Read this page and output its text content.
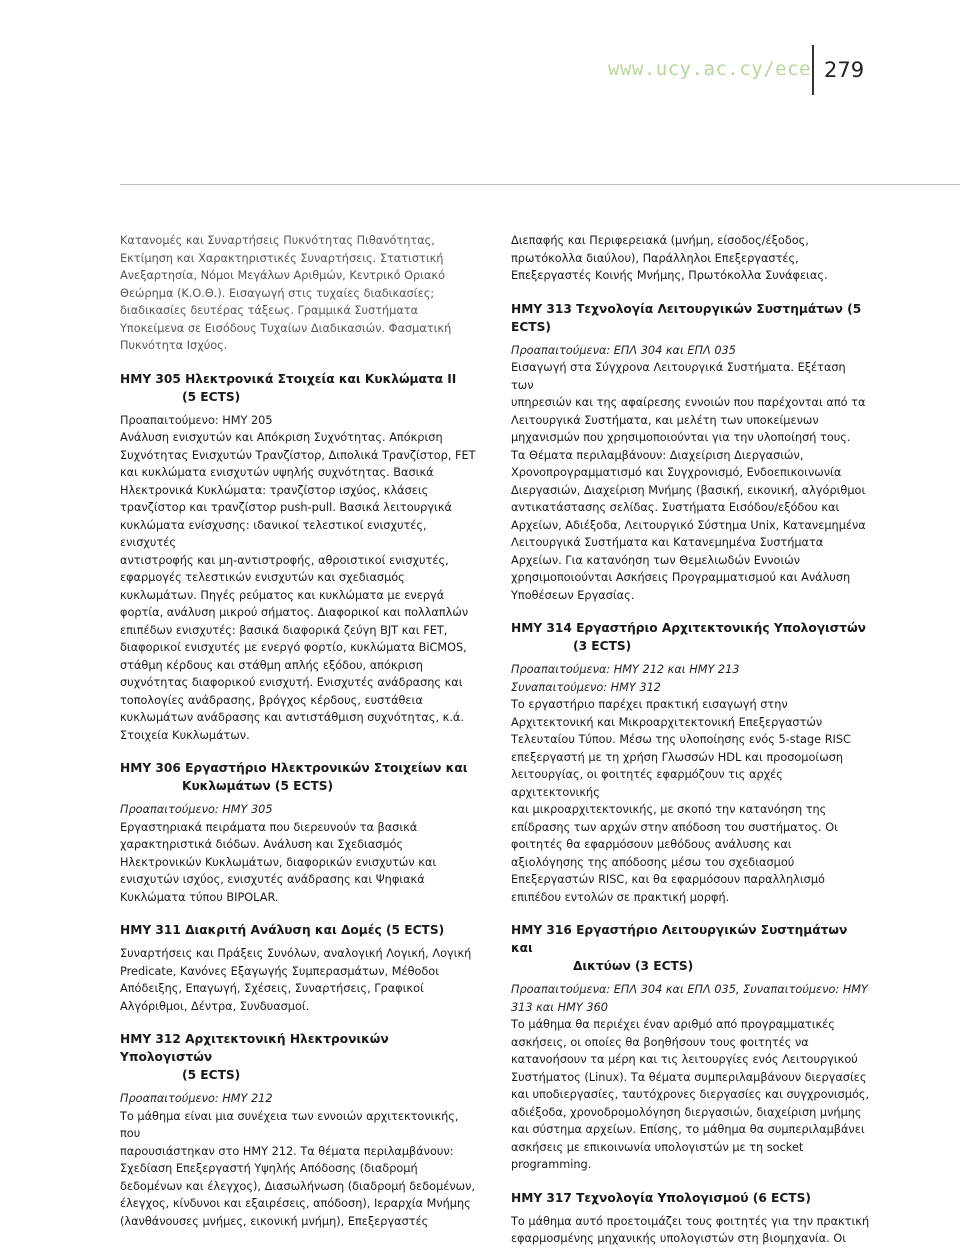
www.ucy.ac.cy/ece 279

Κατανομές και Συναρτήσεις Πυκνότητας Πιθανότητας,
Εκτίμηση και Χαρακτηριστικές Συναρτήσεις. Στατιστική
Ανεξαρτησία, Νόμοι Μεγάλων Αριθμών, Κεντρικό Οριακό
Θεώρημα (Κ.Ο.Θ.). Εισαγωγή στις τυχαίες διαδικασίες;
διαδικασίες δευτέρας τάξεως. Γραμμικά Συστήματα
Υποκείμενα σε Εισόδους Τυχαίων Διαδικασιών. Φασματική
Πυκνότητα Ισχύος.

ΗΜΥ 305 Ηλεκτρονικά Στοιχεία και Κυκλώματα ΙΙ
(5 ECTS)

Προαπαιτούμενο: ΗΜΥ 205

Ανάλυση ενισχυτών και Απόκριση Συχνότητας. Απόκριση
Συχνότητας Ενισχυτών Τρανζίστορ, Διπολικά Τρανζίστορ, FET
και κυκλώματα ενισχυτών υψηλής συχνότητας. Βασικά
Ηλεκτρονικά Κυκλώματα: τρανζίστορ ισχύος, κλάσεις
τρανζίστορ και τρανζίστορ push-pull. Βασικά λειτουργικά
κυκλώματα ενίσχυσης: ιδανικοί τελεστικοί ενισχυτές, ενισχυτές
αντιστροφής και μη-αντιστροφής, αθροιστικοί ενισχυτές,
εφαρμογές τελεστικών ενισχυτών και σχεδιασμός
κυκλωμάτων. Πηγές ρεύματος και κυκλώματα με ενεργά
φορτία, ανάλυση μικρού σήματος. Διαφορικοί και πολλαπλών
επιπέδων ενισχυτές: βασικά διαφορικά ζεύγη BJT και FET,
διαφορικοί ενισχυτές με ενεργό φορτίο, κυκλώματα BiCMOS,
στάθμη κέρδους και στάθμη απλής εξόδου, απόκριση
συχνότητας διαφορικού ενισχυτή. Ενισχυτές ανάδρασης και
τοπολογίες ανάδρασης, βρόγχος κέρδους, ευστάθεια
κυκλωμάτων ανάδρασης και αντιστάθμιση συχνότητας, κ.ά.
Στοιχεία Κυκλωμάτων.

ΗΜΥ 306 Εργαστήριο Ηλεκτρονικών Στοιχείων και
Κυκλωμάτων (5 ECTS)

Προαπαιτούμενο: ΗΜΥ 305

Εργαστηριακά πειράματα που διερευνούν τα βασικά
χαρακτηριστικά διόδων. Ανάλυση και Σχεδιασμός
Ηλεκτρονικών Κυκλωμάτων, διαφορικών ενισχυτών και
ενισχυτών ισχύος, ενισχυτές ανάδρασης και Ψηφιακά
Κυκλώματα τύπου BIPOLAR.

ΗΜΥ 311 Διακριτή Ανάλυση και Δομές (5 ECTS)

Συναρτήσεις και Πράξεις Συνόλων, αναλογική Λογική, Λογική
Predicate, Κανόνες Εξαγωγής Συμπερασμάτων, Μέθοδοι
Απόδειξης, Επαγωγή, Σχέσεις, Συναρτήσεις, Γραφικοί
Αλγόριθμοι, Δέντρα, Συνδυασμοί.

ΗΜΥ 312 Αρχιτεκτονική Ηλεκτρονικών Υπολογιστών
(5 ECTS)

Προαπαιτούμενο: ΗΜΥ 212

Το μάθημα είναι μια συνέχεια των εννοιών αρχιτεκτονικής, που
παρουσιάστηκαν στο ΗΜΥ 212. Τα θέματα περιλαμβάνουν:
Σχεδίαση Επεξεργαστή Υψηλής Απόδοσης (διαδρομή
δεδομένων και έλεγχος), Διασωλήνωση (διαδρομή δεδομένων,
έλεγχος, κίνδυνοι και εξαιρέσεις, απόδοση), Ιεραρχία Μνήμης
(λανθάνουσες μνήμες, εικονική μνήμη), Επεξεργαστές

Διεπαφής και Περιφερειακά (μνήμη, είσοδος/έξοδος,
πρωτόκολλα διαύλου), Παράλληλοι Επεξεργαστές,
Επεξεργαστές Κοινής Μνήμης, Πρωτόκολλα Συνάφειας.

ΗΜΥ 313 Τεχνολογία Λειτουργικών Συστημάτων (5 ECTS)

Προαπαιτούμενα: ΕΠΛ 304 και ΕΠΛ 035

Εισαγωγή στα Σύγχρονα Λειτουργικά Συστήματα. Εξέταση των
υπηρεσιών και της αφαίρεσης εννοιών που παρέχονται από τα
Λειτουργικά Συστήματα, και μελέτη των υποκείμενων
μηχανισμών που χρησιμοποιούνται για την υλοποίησή τους.
Τα Θέματα περιλαμβάνουν: Διαχείριση Διεργασιών,
Χρονοπρογραμματισμό και Συγχρονισμό, Ενδοεπικοινωνία
Διεργασιών, Διαχείριση Μνήμης (βασική, εικονική, αλγόριθμοι
αντικατάστασης σελίδας. Συστήματα Εισόδου/εξόδου και
Αρχείων, Αδιέξοδα, Λειτουργικό Σύστημα Unix, Κατανεμημένα
Λειτουργικά Συστήματα και Κατανεμημένα Συστήματα
Αρχείων. Για κατανόηση των Θεμελιωδών Εννοιών
χρησιμοποιούνται Ασκήσεις Προγραμματισμού και Ανάλυση
Υποθέσεων Εργασίας.

ΗΜΥ 314 Εργαστήριο Αρχιτεκτονικής Υπολογιστών
(3 ECTS)

Προαπαιτούμενα: ΗΜΥ 212 και ΗΜΥ 213
Συναπαιτούμενο: ΗΜΥ 312

Το εργαστήριο παρέχει πρακτική εισαγωγή στην
Αρχιτεκτονική και Μικροαρχιτεκτονική Επεξεργαστών
Τελευταίου Τύπου. Μέσω της υλοποίησης ενός 5-stage RISC
επεξεργαστή με τη χρήση Γλωσσών HDL και προσομοίωση
λειτουργίας, οι φοιτητές εφαρμόζουν τις αρχές αρχιτεκτονικής
και μικροαρχιτεκτονικής, με σκοπό την κατανόηση της
επίδρασης των αρχών στην απόδοση του συστήματος. Οι
φοιτητές θα εφαρμόσουν μεθόδους ανάλυσης και
αξιολόγησης της απόδοσης μέσω του σχεδιασμού
Επεξεργαστών RISC, και θα εφαρμόσουν παραλληλισμό
επιπέδου εντολών σε πρακτική μορφή.

ΗΜΥ 316 Εργαστήριο Λειτουργικών Συστημάτων και
Δικτύων (3 ECTS)

Προαπαιτούμενα: ΕΠΛ 304 και ΕΠΛ 035, Συναπαιτούμενο: ΗΜΥ
313 και ΗΜΥ 360

Το μάθημα θα περιέχει έναν αριθμό από προγραμματικές
ασκήσεις, οι οποίες θα βοηθήσουν τους φοιτητές να
κατανοήσουν τα μέρη και τις λειτουργίες ενός Λειτουργικού
Συστήματος (Linux). Τα θέματα συμπεριλαμβάνουν διεργασίες
και υποδιεργασίες, ταυτόχρονες διεργασίες και συγχρονισμός,
αδιέξοδα, χρονοδρομολόγηση διεργασιών, διαχείριση μνήμης
και σύστημα αρχείων. Επίσης, το μάθημα θα συμπεριλαμβάνει
ασκήσεις με επικοινωνία υπολογιστών με τη socket
programming.

ΗΜΥ 317 Τεχνολογία Υπολογισμού (6 ECTS)

Το μάθημα αυτό προετοιμάζει τους φοιτητές για την πρακτική
εφαρμοσμένης μηχανικής υπολογιστών στη βιομηχανία. Οι
